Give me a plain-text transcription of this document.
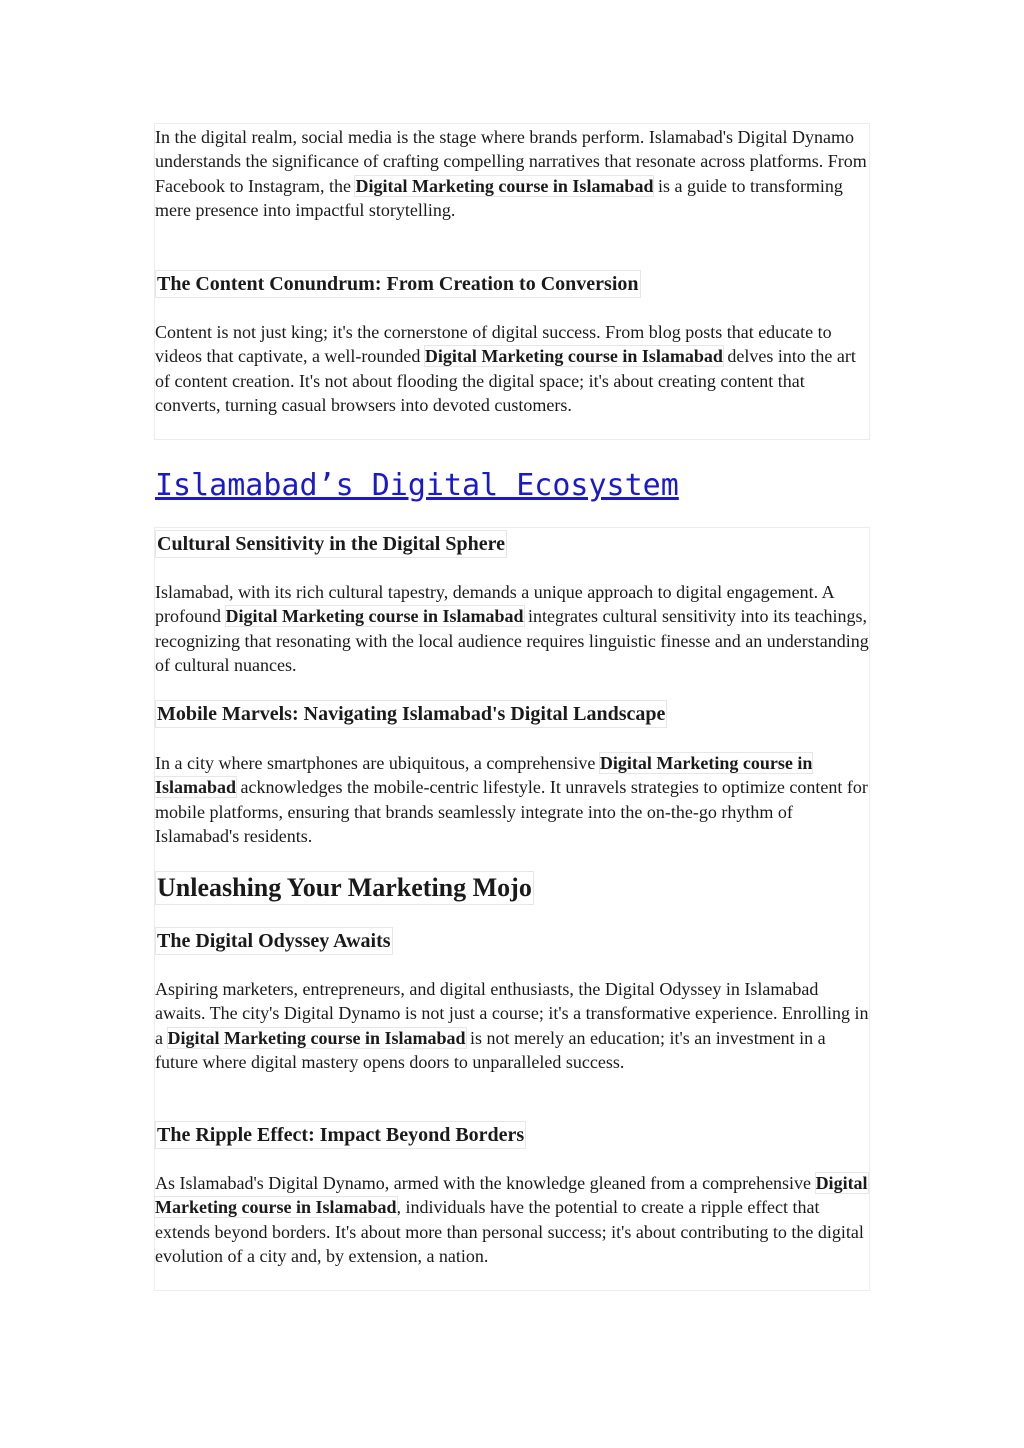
In the digital realm, social media is the stage where brands perform. Islamabad's Digital Dynamo understands the significance of crafting compelling narratives that resonate across platforms. From Facebook to Instagram, the Digital Marketing course in Islamabad is a guide to transforming mere presence into impactful storytelling.

The Content Conundrum: From Creation to Conversion

Content is not just king; it's the cornerstone of digital success. From blog posts that educate to videos that captivate, a well-rounded Digital Marketing course in Islamabad delves into the art of content creation. It's not about flooding the digital space; it's about creating content that converts, turning casual browsers into devoted customers.

Islamabad’s Digital Ecosystem
Cultural Sensitivity in the Digital Sphere

Islamabad, with its rich cultural tapestry, demands a unique approach to digital engagement. A profound Digital Marketing course in Islamabad integrates cultural sensitivity into its teachings, recognizing that resonating with the local audience requires linguistic finesse and an understanding of cultural nuances.

Mobile Marvels: Navigating Islamabad's Digital Landscape

In a city where smartphones are ubiquitous, a comprehensive Digital Marketing course in Islamabad acknowledges the mobile-centric lifestyle. It unravels strategies to optimize content for mobile platforms, ensuring that brands seamlessly integrate into the on-the-go rhythm of Islamabad's residents.

Unleashing Your Marketing Mojo
The Digital Odyssey Awaits

Aspiring marketers, entrepreneurs, and digital enthusiasts, the Digital Odyssey in Islamabad awaits. The city's Digital Dynamo is not just a course; it's a transformative experience. Enrolling in a Digital Marketing course in Islamabad is not merely an education; it's an investment in a future where digital mastery opens doors to unparalleled success.

The Ripple Effect: Impact Beyond Borders

As Islamabad's Digital Dynamo, armed with the knowledge gleaned from a comprehensive Digital Marketing course in Islamabad, individuals have the potential to create a ripple effect that extends beyond borders. It's about more than personal success; it's about contributing to the digital evolution of a city and, by extension, a nation.
